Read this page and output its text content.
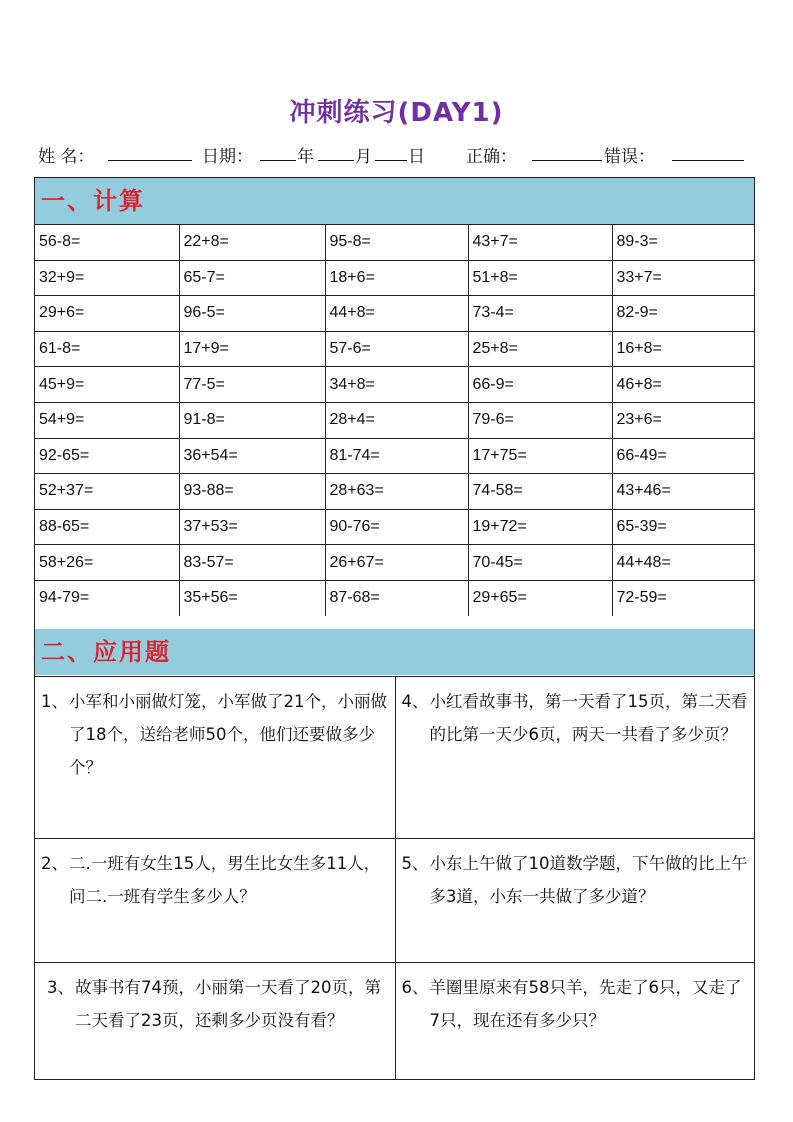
冲刺练习(DAY1)
姓 名：	日期：	年 月 日 正确：	错误：
一、计算
56-8=	22+8=	95-8=	43+7=	89-3=
32+9=	65-7=	18+6=	51+8=	33+7=
29+6=	96-5=	44+8=	73-4=	82-9=
61-8=	17+9=	57-6=	25+8=	16+8=
45+9=	77-5=	34+8=	66-9=	46+8=
54+9=	91-8=	28+4=	79-6=	23+6=
92-65=	36+54=	81-74=	17+75=	66-49=
52+37=	93-88=	28+63=	74-58=	43+46=
88-65=	37+53=	90-76=	19+72=	65-39=
58+26=	83-57=	26+67=	70-45=	44+48=
94-79=	35+56=	87-68=	29+65=	72-59=
二、应用题
1、 小军和小丽做灯笼，小军做了21个，小丽做了18个，送给老师50个，他们还要做多少个？	4、 小红看故事书，第一天看了15页，第二天看的比第一天少6页，两天一共看了多少页？

2、 二.一班有女生15人，男生比女生多11人，问二.一班有学生多少人？	5、 小东上午做了10道数学题，下午做的比上午多3道，小东一共做了多少道？

3、 故事书有74预，小丽第一天看了20页，第二天看了23页，还剩多少页没有看？	6、 羊圈里原来有58只羊，先走了6只，又走了7只，现在还有多少只？
